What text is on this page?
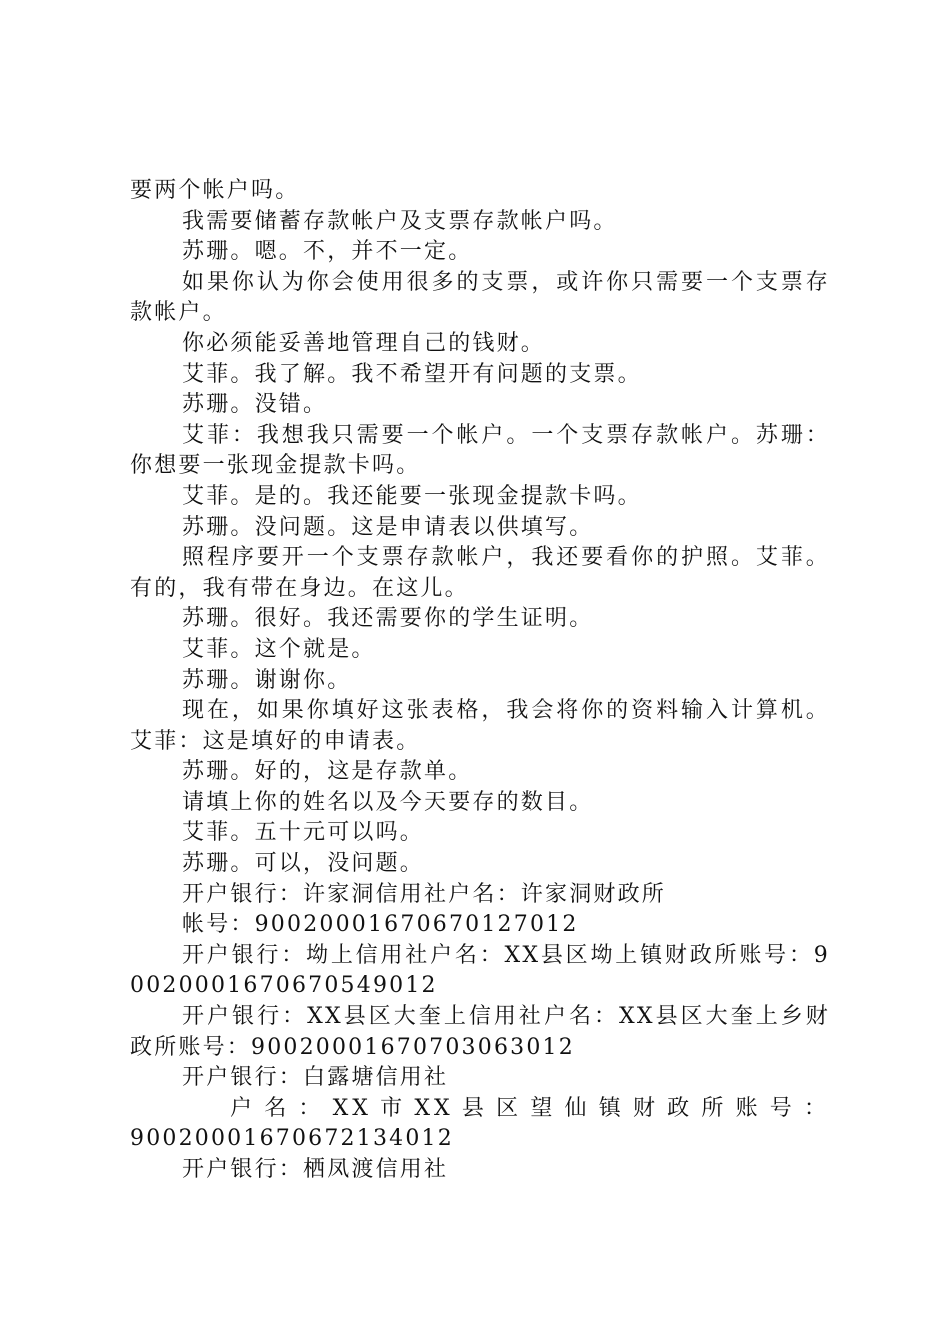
要两个帐户吗。

我需要储蓄存款帐户及支票存款帐户吗。

苏珊。嗯。不，并不一定。

如果你认为你会使用很多的支票，或许你只需要一个支票存款帐户。

你必须能妥善地管理自己的钱财。

艾菲。我了解。我不希望开有问题的支票。

苏珊。没错。

艾菲：我想我只需要一个帐户。一个支票存款帐户。苏珊：你想要一张现金提款卡吗。

艾菲。是的。我还能要一张现金提款卡吗。

苏珊。没问题。这是申请表以供填写。

照程序要开一个支票存款帐户，我还要看你的护照。艾菲。有的，我有带在身边。在这儿。

苏珊。很好。我还需要你的学生证明。

艾菲。这个就是。

苏珊。谢谢你。

现在，如果你填好这张表格，我会将你的资料输入计算机。艾菲：这是填好的申请表。

苏珊。好的，这是存款单。

请填上你的姓名以及今天要存的数目。

艾菲。五十元可以吗。

苏珊。可以，没问题。

开户银行：许家洞信用社户名：许家洞财政所

帐号：90020001670670127012

开户银行：坳上信用社户名：XX县区坳上镇财政所账号：90020001670670549012

开户银行：XX县区大奎上信用社户名：XX县区大奎上乡财政所账号：90020001670703063012

开户银行：白露塘信用社

户名：XX市XX县区望仙镇财政所账号：

90020001670672134012

开户银行：栖凤渡信用社
